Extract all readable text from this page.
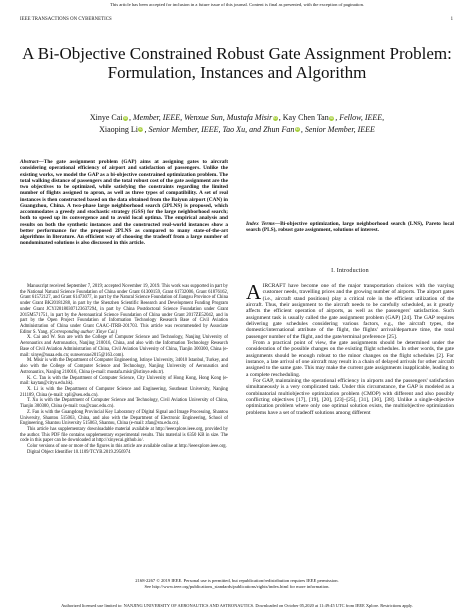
This article has been accepted for inclusion in a future issue of this journal. Content is final as presented, with the exception of pagination.
IEEE TRANSACTIONS ON CYBERNETICS	1
A Bi-Objective Constrained Robust Gate Assignment Problem: Formulation, Instances and Algorithm
Xinye CaiiD , Member, IEEE, Wenxue Sun, Mustafa MisiriD , Kay Chen TaniD , Fellow, IEEE,
Xiaoping LiiD , Senior Member, IEEE, Tao Xu, and Zhun FaniD , Senior Member, IEEE
Abstract—The gate assignment problem (GAP) aims at assigning gates to aircraft considering operational efficiency of airport and satisfaction of passengers. Unlike the existing works, we model the GAP as a bi-objective constrained optimization problem. The total walking distance of passengers and the total robust cost of the gate assignment are the two objectives to be optimized, while satisfying the constraints regarding the limited number of flights assigned to apron, as well as three types of compatibility. A set of real instances is then constructed based on the data obtained from the Baiyun airport (CAN) in Guangzhou, China. A two-phase large neighborhood search (2PLNS) is proposed, which accommodates a greedy and stochastic strategy (GSS) for the large neighborhood search; both to speed up its convergence and to avoid local optima. The empirical analysis and results on both the synthetic instances and the constructed real-world instances show a better performance for the proposed 2PLNS as compared to many state-of-the-art algorithms in literature. An efficient way of choosing the tradeoff from a large number of nondominated solutions is also discussed in this article.
Index Terms—Bi-objective optimization, large neighborhood search (LNS), Pareto local search (PLS), robust gate assignment, solutions of interest.

Manuscript received September 7, 2019; accepted November 19, 2019. This work was supported in part by the National Natural Science Foundation of China under Grant 61300159, Grant 61732006, Grant 61876162, Grant 61572127, and Grant 61473077, in part by the Natural Science Foundation of Jiangsu Province of China under Grant BK20181288, in part by the Shenzhen Scientific Research and Development Funding Program under Grant JCYJ20180307123637294, in part by China Postdoctoral Science Foundation under Grant 2015M571751, in part by the Aeronautical Science Foundation of China under Grant 2017ZE52042, and in part by the Open Project Foundation of Information Technology Research Base of Civil Aviation Administration of China under Grant CAAC-ITRB-201703. This article was recommended by Associate Editor S. Yang. (Corresponding author: Xinye Cai.)

X. Cai and W. Sun are with the College of Computer Science and Technology, Nanjing University of Aeronautics and Astronautics, Nanjing 210016, China, and also with the Information Technology Research Base of Civil Aviation Administration of China, Civil Aviation University of China, Tianjin 300300, China (e-mail: xinye@nuaa.edu.cn; sunwenxue2015@163.com).

M. Misir is with the Department of Computer Engineering, Istinye University, 34010 Istanbul, Turkey, and also with the College of Computer Science and Technology, Nanjing University of Aeronautics and Astronautics, Nanjing 210016, China (e-mail: mustafa.misir@istinye.edu.tr).

K. C. Tan is with the Department of Computer Science, City University of Hong Kong, Hong Kong (e-mail: kaytan@cityu.edu.hk).

X. Li is with the Department of Computer Science and Engineering, Southeast University, Nanjing 211189, China (e-mail: xpli@seu.edu.cn).

T. Xu is with the Department of Computer Science and Technology, Civil Aviation University of China, Tianjin 300300, China (e-mail: txu@cauc.edu.cn).

Z. Fan is with the Guangdong Provincial Key Laboratory of Digital Signal and Image Processing, Shantou University, Shantou 515063, China, and also with the Department of Electronic Engineering, School of Engineering, Shantou University 515063, Shantou, China (e-mail: zfan@stu.edu.cn).

This article has supplementary downloadable material available at http://ieeexplore.ieee.org, provided by the author. This PDF file contains supplementary experimental results. This material is 6350 KB in size. The code in this paper can be downloaded at http://xinyecai.github.io/.

Color versions of one or more of the figures in this article are available online at http://ieeexplore.ieee.org.

Digital Object Identifier 10.1109/TCYB.2019.2956974

I. Introduction

AIRCRAFT have become one of the major transportation choices with the varying customer needs, travelling prices and the growing number of airports. The airport gates (i.e., aircraft stand positions) play a critical role in the efficient utilization of the aircraft. Thus, their assignment to the aircraft needs to be carefully scheduled, as it greatly affects the efficient operation of airports, as well as the passengers' satisfaction. Such assignment task is usually called the gate assignment problem (GAP) [24]. The GAP requires delivering gate schedules considering various factors, e.g., the aircraft types, the domestic/international attribute of the flight, the flights' arrival/departure time, the total passenger number of the flight, and the gate/terminal preference [25].

From a practical point of view, the gate assignments should be determined under the consideration of the possible changes on the existing flight schedules. In other words, the gate assignments should be enough robust to the minor changes on the flight schedules [2]. For instance, a late arrival of one aircraft may result in a chain of delayed arrivals for other aircraft assigned to the same gate. This may make the current gate assignments inapplicable, leading to a complete rescheduling.

For GAP, maintaining the operational efficiency in airports and the passengers' satisfaction simultaneously is a very complicated task. Under this circumstance, the GAP is modeled as a combinatorial multiobjective optimization problem (CMOP) with different and also possibly conflicting objectives [17], [19], [20], [23]–[25], [31], [36], [38]. Unlike a single-objective optimization problem where only one optimal solution exists, the multiobjective optimization problems have a set of tradeoff solutions among different

2168-2267 © 2019 IEEE. Personal use is permitted, but republication/redistribution requires IEEE permission.
See http://www.ieee.org/publications_standards/publications/rights/index.html for more information.
Authorized licensed use limited to: NANJING UNIVERSITY OF AERONAUTICS AND ASTRONAUTICS. Downloaded on October 05,2020 at 11:49:45 UTC from IEEE Xplore. Restrictions apply.
